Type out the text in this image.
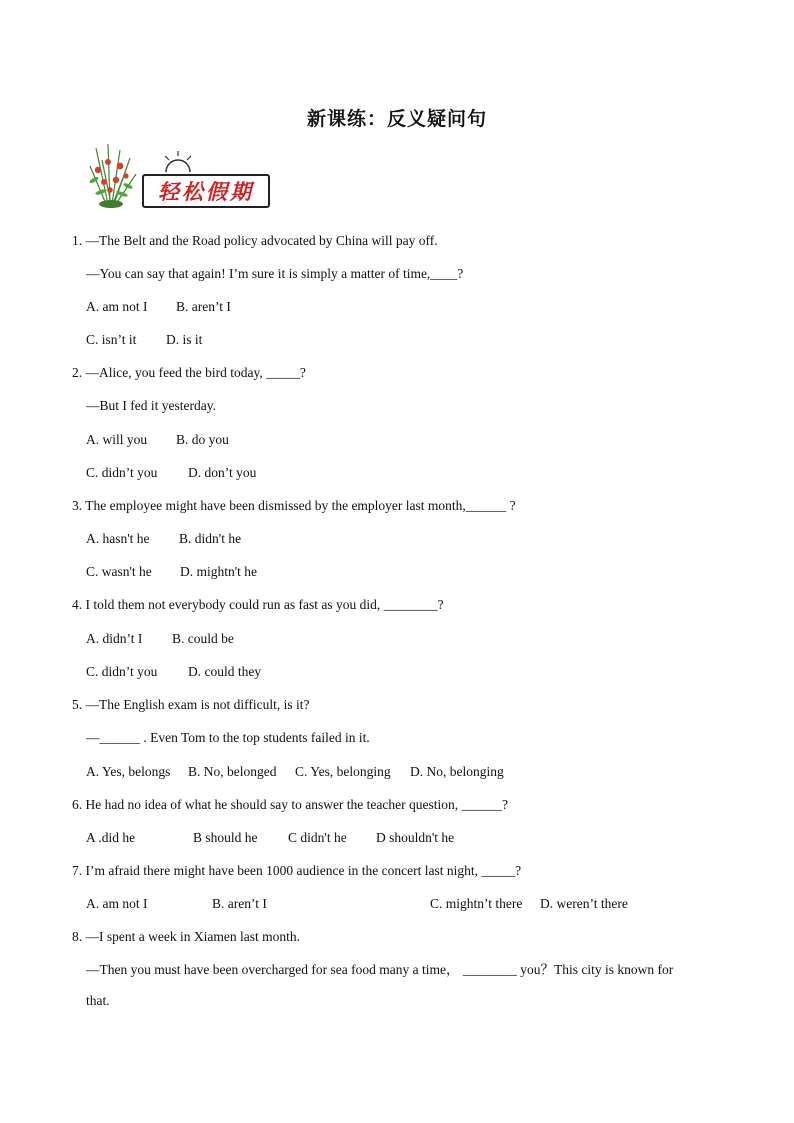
新课练：反义疑问句
轻松假期
1. —The Belt and the Road policy advocated by China will pay off.
—You can say that again! I’m sure it is simply a matter of time,____?
A. am not I B. aren’t I
C. isn’t it D. is it
2. —Alice, you feed the bird today, _____?
—But I fed it yesterday.
A. will you B. do you
C. didn’t you D. don’t you
3. The employee might have been dismissed by the employer last month,______ ?
A. hasn't he B. didn't he
C. wasn't he D. mightn't he
4. I told them not everybody could run as fast as you did, ________?
A. didn’t I B. could be
C. didn’t you D. could they
5. —The English exam is not difficult, is it?
—______ . Even Tom to the top students failed in it.
A. Yes, belongs B. No, belonged C. Yes, belonging D. No, belonging
6. He had no idea of what he should say to answer the teacher question, ______?
A .did he	B should he C didn't he D shouldn't he
7. I’m afraid there might have been 1000 audience in the concert last night, _____?
A. am not I	B. aren’t I	C. mightn’t there D. weren’t there
8. —I spent a week in Xiamen last month.
—Then you must have been overcharged for sea food many a time， ________ you？This city is known for
that.
